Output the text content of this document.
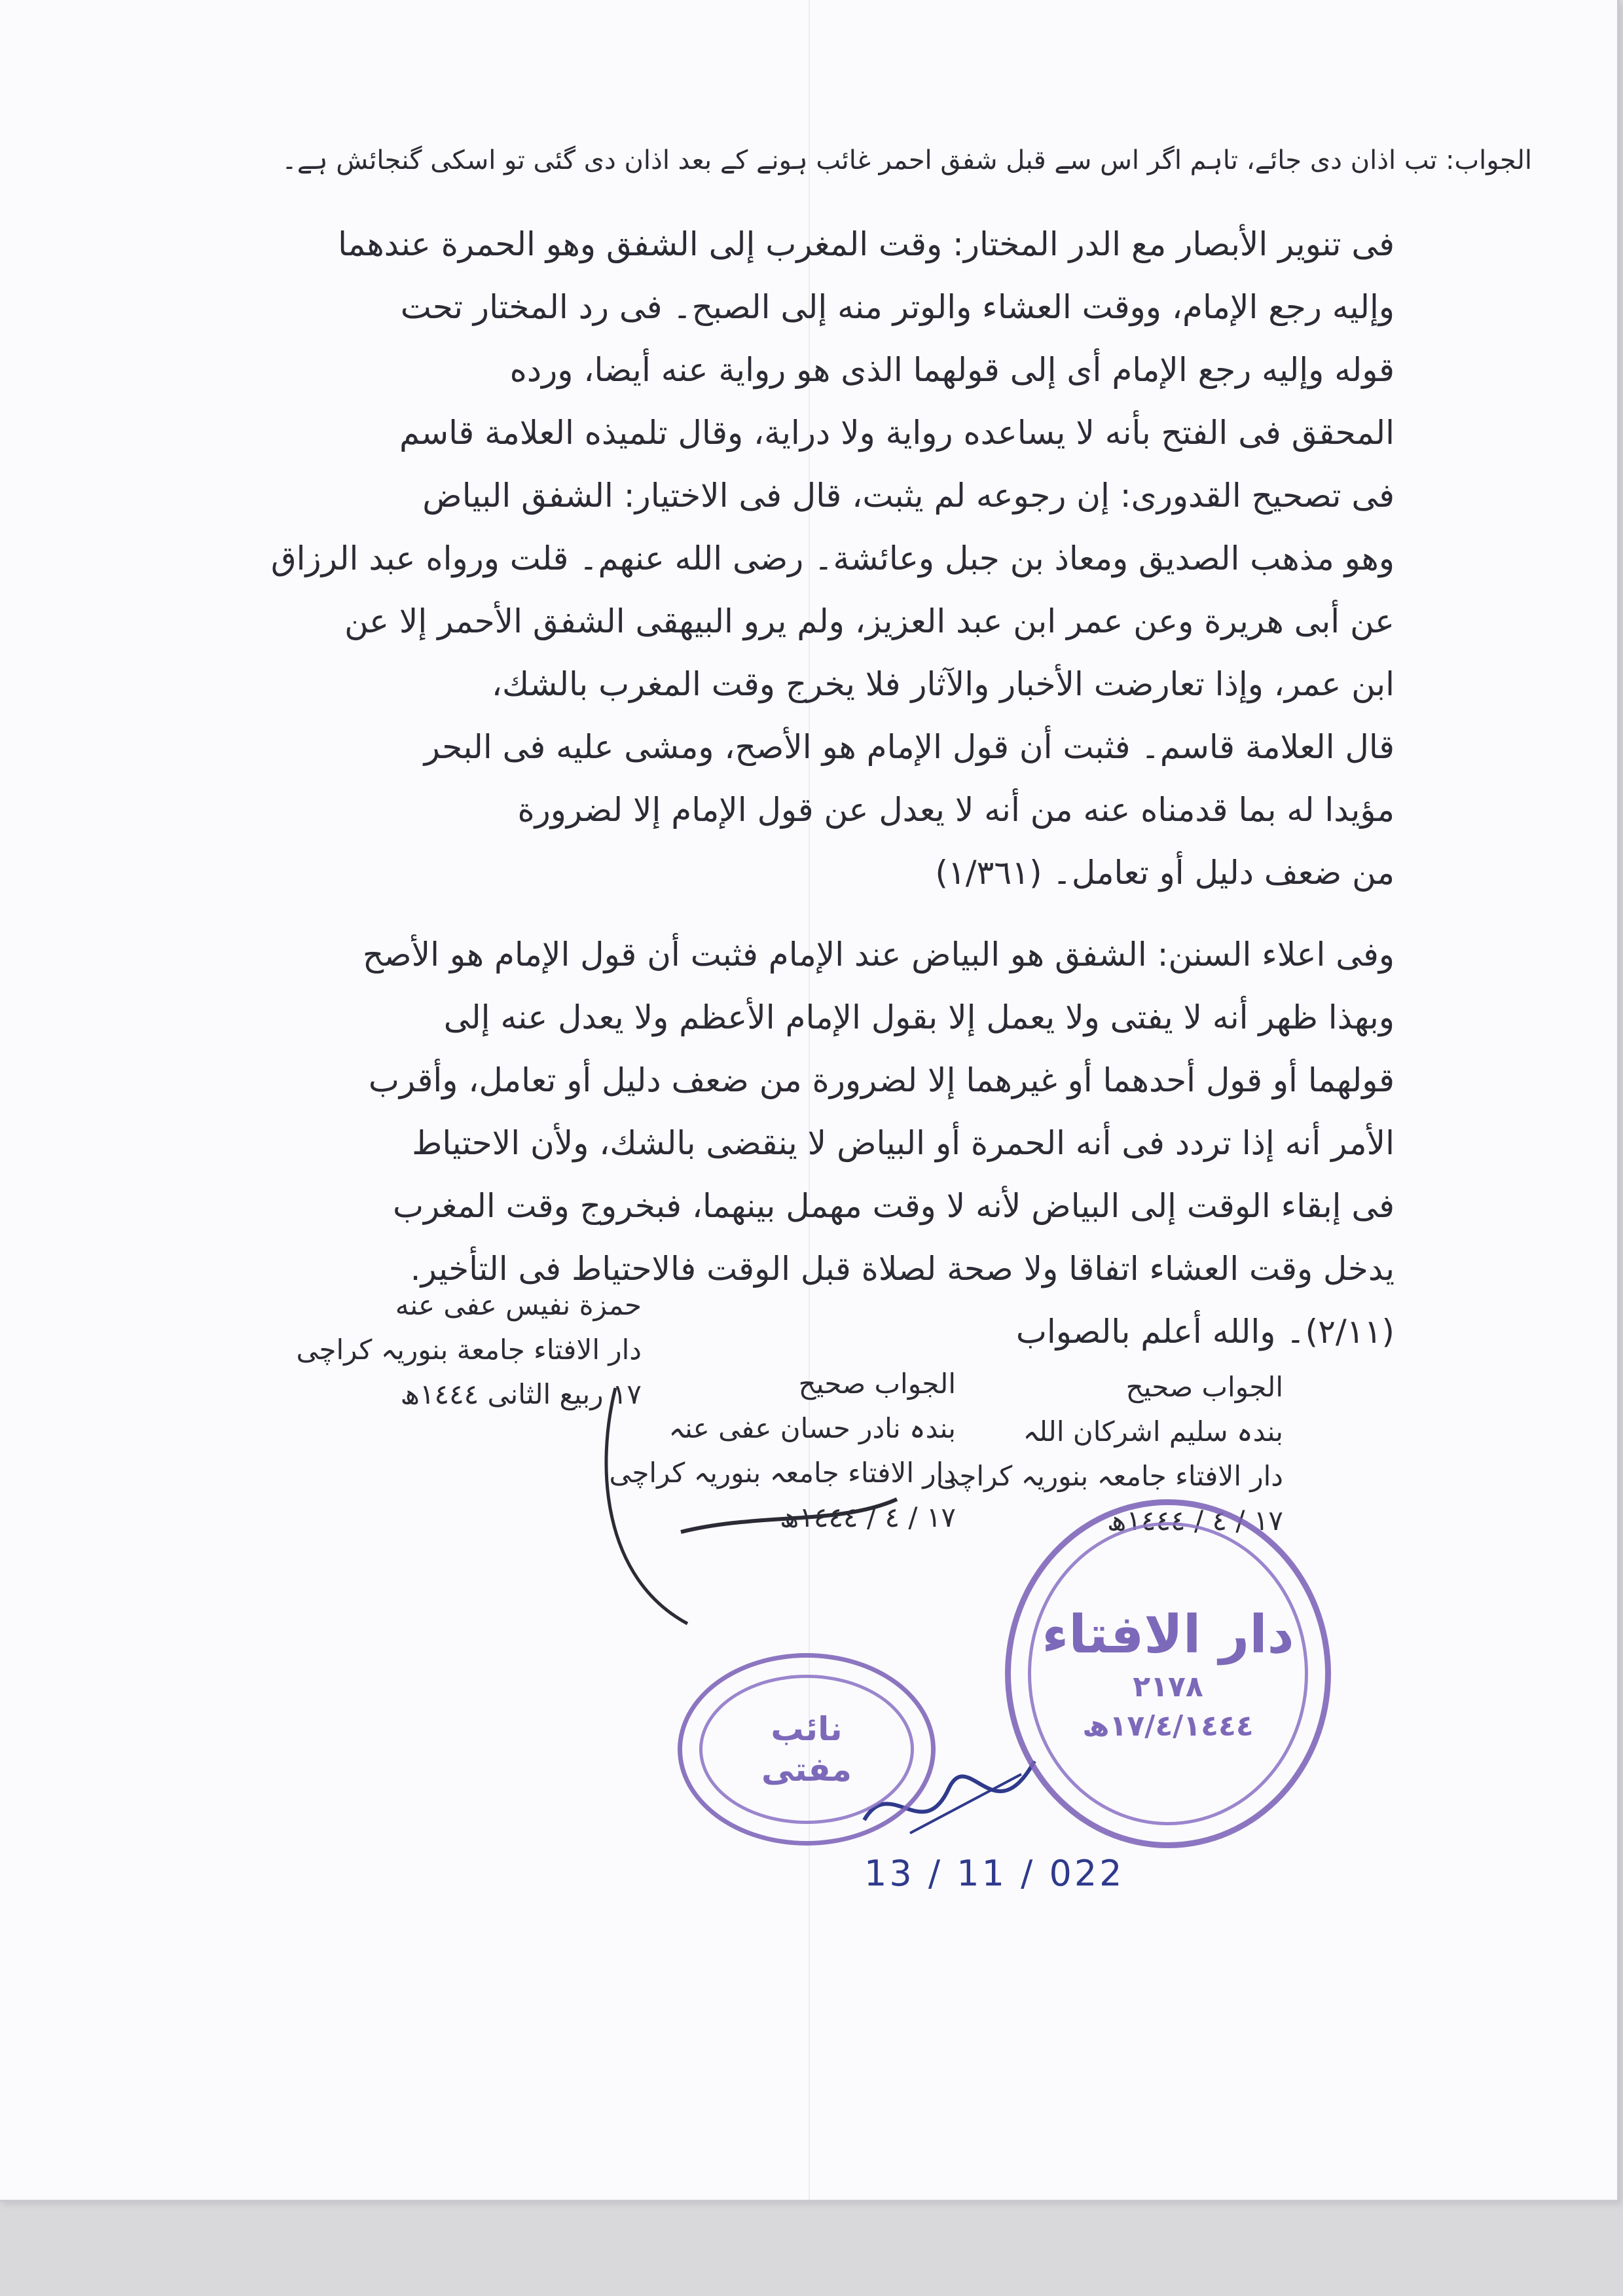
الجواب: تب اذان دی جائے، تاہم اگر اس سے قبل شفق احمر غائب ہونے کے بعد اذان دی گئی تو اسکی گنجائش ہے۔
فی تنویر الأبصار مع الدر المختار: وقت المغرب إلى الشفق وهو الحمرة عندهما
وإليه رجع الإمام، ووقت العشاء والوتر منه إلى الصبح۔ فی رد المختار تحت
قوله وإليه رجع الإمام أی إلى قولهما الذی هو رواية عنه أيضا، ورده
المحقق فی الفتح بأنه لا يساعده رواية ولا دراية، وقال تلميذه العلامة قاسم
فی تصحيح القدوری: إن رجوعه لم يثبت، قال فی الاختيار: الشفق البياض
وهو مذهب الصديق ومعاذ بن جبل وعائشة۔ رضی الله عنهم۔ قلت ورواه عبد الرزاق
عن أبی هريرة وعن عمر ابن عبد العزيز، ولم يرو البيهقی الشفق الأحمر إلا عن
ابن عمر، وإذا تعارضت الأخبار والآثار فلا يخرج وقت المغرب بالشك،
قال العلامة قاسم۔ فثبت أن قول الإمام هو الأصح، ومشی عليه فی البحر
مؤيدا له بما قدمناه عنه من أنه لا يعدل عن قول الإمام إلا لضرورة
من ضعف دليل أو تعامل۔ (١/٣٦١)
وفی اعلاء السنن: الشفق هو البياض عند الإمام فثبت أن قول الإمام هو الأصح
وبهذا ظهر أنه لا يفتی ولا يعمل إلا بقول الإمام الأعظم ولا يعدل عنه إلى
قولهما أو قول أحدهما أو غيرهما إلا لضرورة من ضعف دليل أو تعامل، وأقرب
الأمر أنه إذا تردد فی أنه الحمرة أو البياض لا ينقضی بالشك، ولأن الاحتياط
فی إبقاء الوقت إلى البياض لأنه لا وقت مهمل بينهما، فبخروج وقت المغرب
يدخل وقت العشاء اتفاقا ولا صحة لصلاة قبل الوقت فالاحتياط فی التأخير.
(٢/١١)۔ والله أعلم بالصواب
حمزة نفيس عفی عنه
دار الافتاء جامعة بنوریہ کراچی
١٧ ربیع الثانی ١٤٤٤ھ	الجواب صحیح
بندہ سلیم اشرکان اللہ
دار الافتاء جامعہ بنوریہ کراچی
١٧ / ٤ / ١٤٤٤ھ
الجواب صحیح
بندہ نادر حسان عفی عنہ
دار الافتاء جامعہ بنوریہ کراچی
١٧ / ٤ / ١٤٤٤ھ
دار الافتاء
٢١٧٨
١٧/٤/١٤٤٤ھ
نائب
مفتی
13 / 11 / 022
